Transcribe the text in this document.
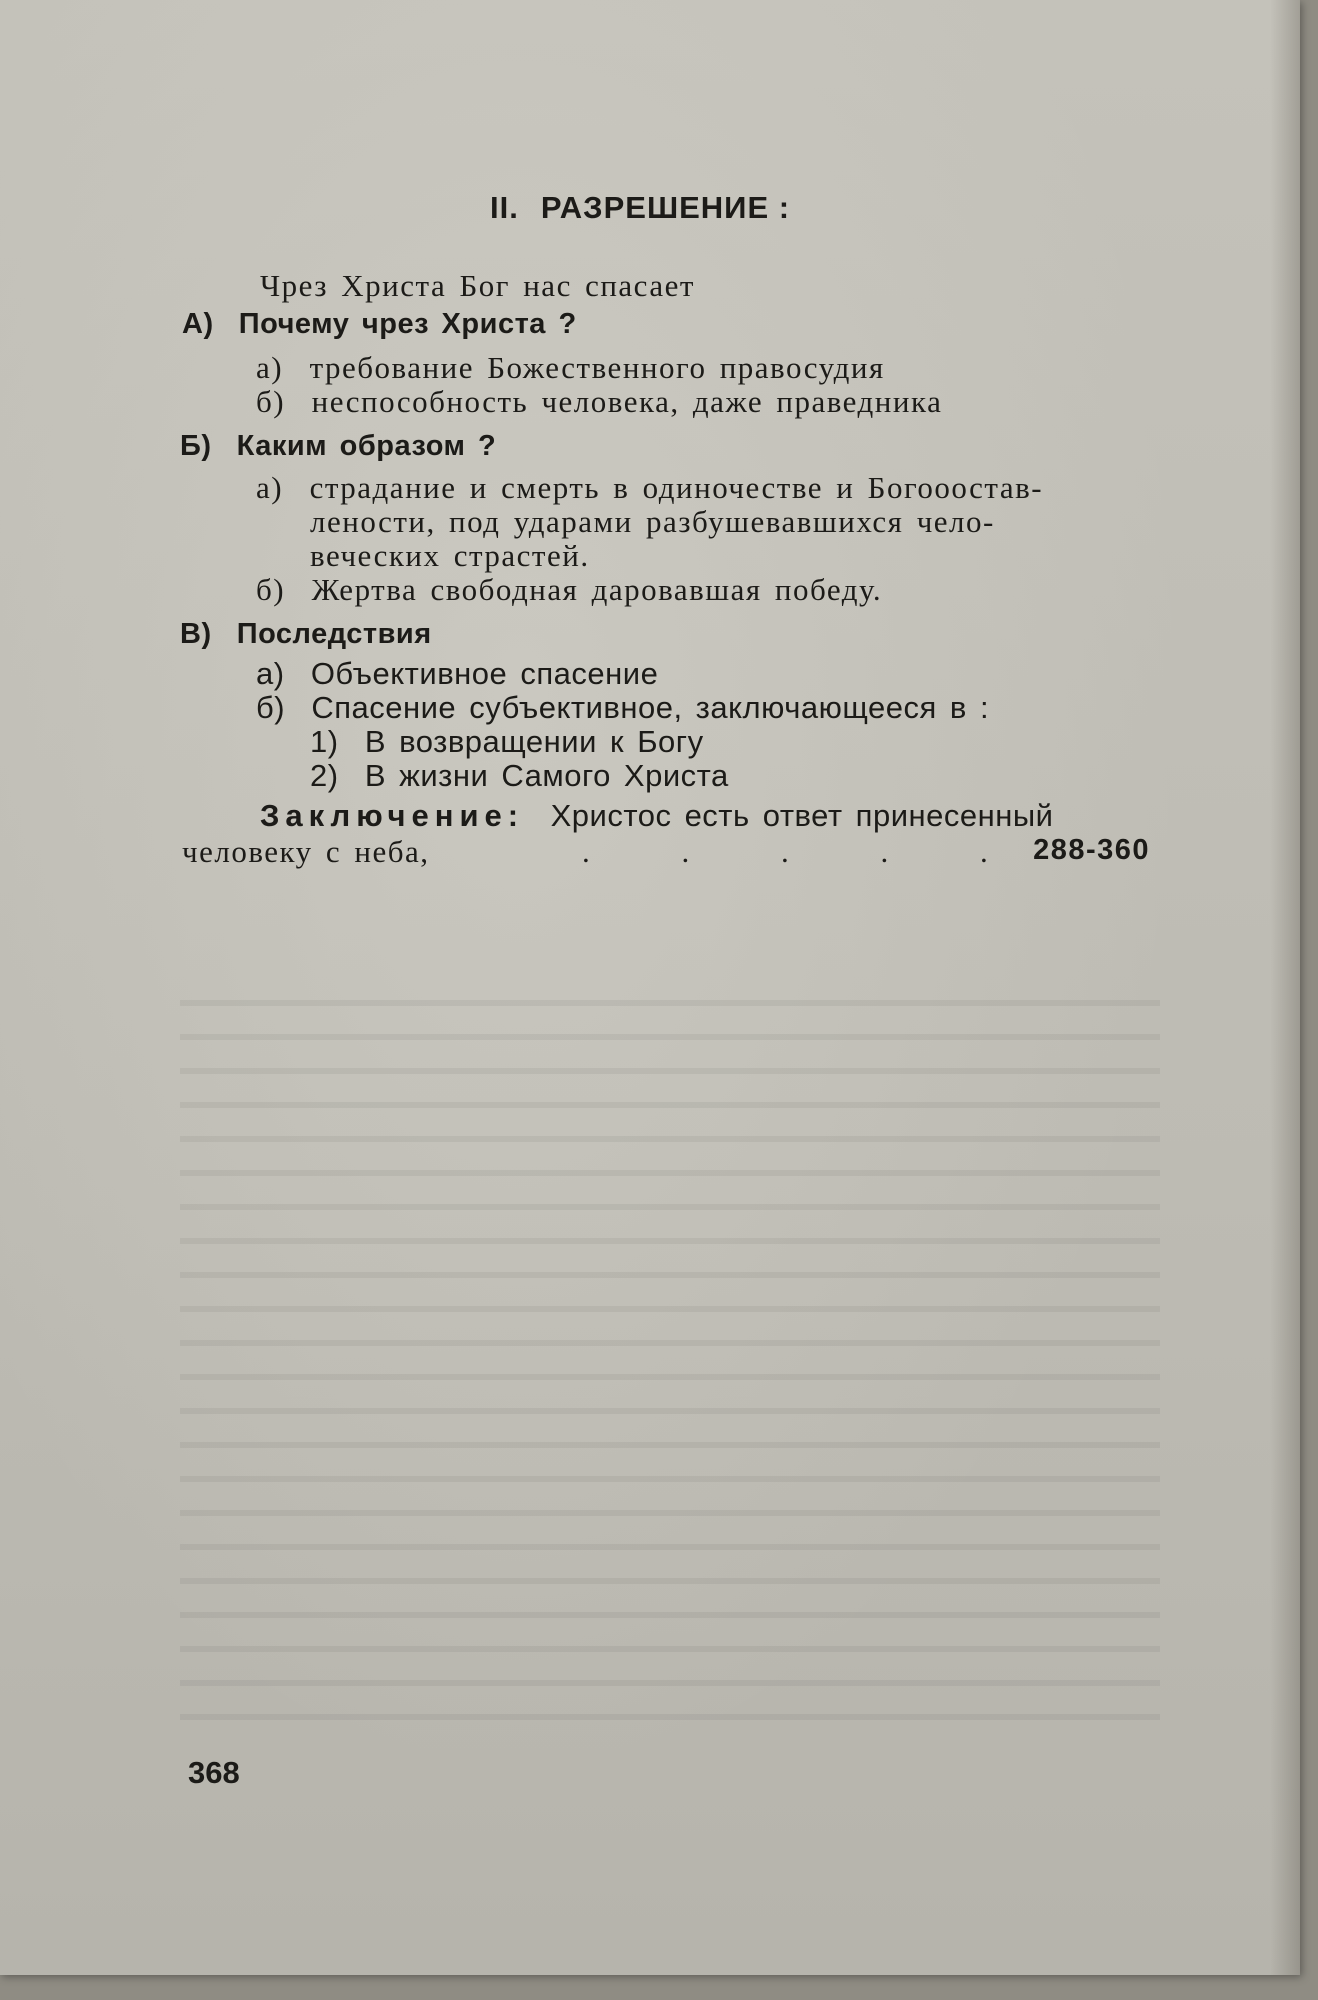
II. РАЗРЕШЕНИЕ :
Чрез Христа Бог нас спасает
А) Почему чрез Христа ?
а) требование Божественного правосудия
б) неспособность человека, даже праведника
Б) Каким образом ?
а) страдание и смерть в одиночестве и Богооостав-
лености, под ударами разбушевавшихся чело-
веческих страстей.
б) Жертва свободная даровавшая победу.
В) Последствия
а) Объективное спасение
б) Спасение субъективное, заключающееся в :
1) В возвращении к Богу
2) В жизни Самого Христа
Заключение: Христос есть ответ принесенный
человеку с неба,	. . . . . 288-360
368
